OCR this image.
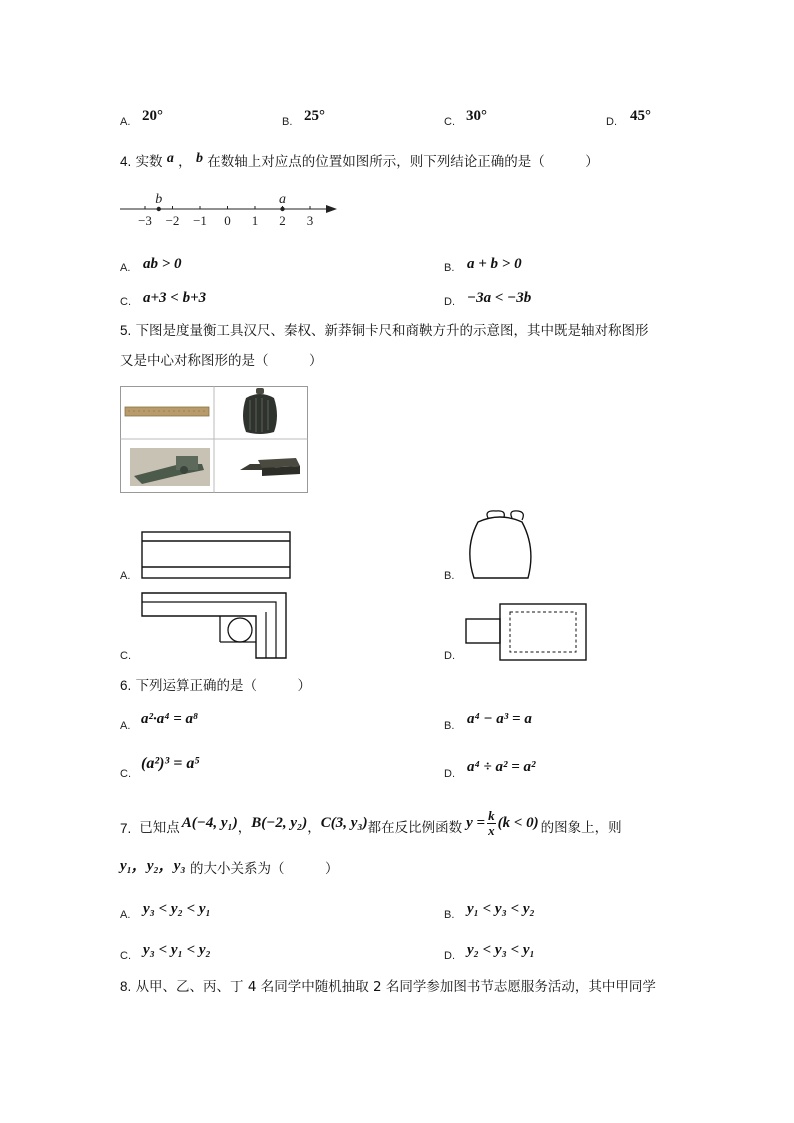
A. 20°	B. 25°	C. 30°	D. 45°
4. 实数 a ， b 在数轴上对应点的位置如图所示，则下列结论正确的是（　　　）
−3 −2 −1 0 1 2 3
b	a
A. ab > 0	B. a + b > 0
C. a+3 < b+3	D. −3a < −3b
5. 下图是度量衡工具汉尺、秦权、新莽铜卡尺和商鞅方升的示意图，其中既是轴对称图形
又是中心对称图形的是（　　　）
A.	B.
C.	D.
6. 下列运算正确的是（　　　）
A. a²·a⁴ = a⁸	B. a⁴ − a³ = a
C.
(a²)³ = a⁵
D. a⁴ ÷ a² = a²
7. 已知点 A(−4, y₁) ， B(−2, y₂) ， C(3, y₃) 都在反比例函数 $y = \frac{k}{x} (k < 0)$ 的图象上，则
y₁，y₂，y₃ 的大小关系为（　　　）
A. y₃ < y₂ < y₁	B. y₁ < y₃ < y₂
C. y₃ < y₁ < y₂	D. y₂ < y₃ < y₁
8. 从甲、乙、丙、丁 4 名同学中随机抽取 2 名同学参加图书节志愿服务活动，其中甲同学
